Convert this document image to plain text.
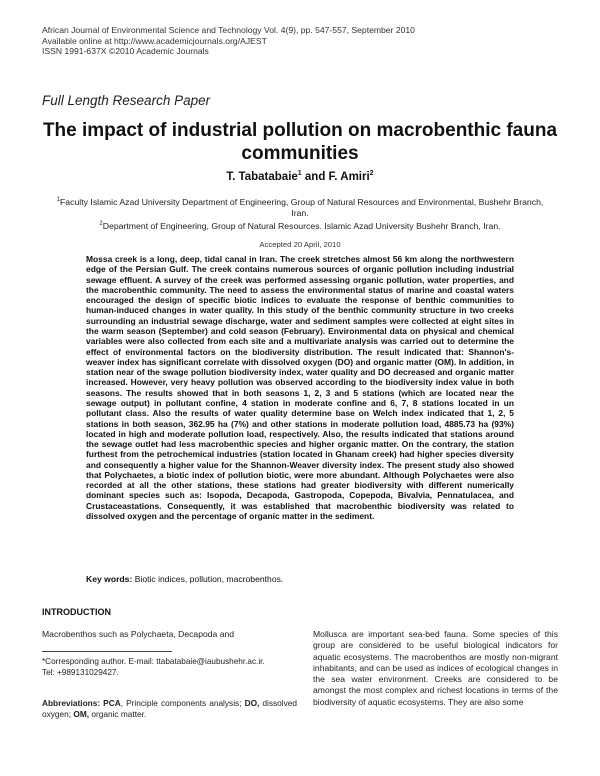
African Journal of Environmental Science and Technology Vol. 4(9), pp. 547-557, September 2010
Available online at http://www.academicjournals.org/AJEST
ISSN 1991-637X ©2010 Academic Journals
Full Length Research Paper
The impact of industrial pollution on macrobenthic fauna communities
T. Tabatabaie$^1$ and F. Amiri$^2$
$^1$Faculty Islamic Azad University Department of Engineering, Group of Natural Resources and Environmental, Bushehr Branch, Iran.
$^2$Department of Engineering, Group of Natural Resources. Islamic Azad University Bushehr Branch, Iran.
Accepted 20 April, 2010

Mossa creek is a long, deep, tidal canal in Iran. The creek stretches almost 56 km along the northwestern edge of the Persian Gulf. The creek contains numerous sources of organic pollution including industrial sewage effluent. A survey of the creek was performed assessing organic pollution, water properties, and the macrobenthic community. The need to assess the environmental status of marine and coastal waters encouraged the design of specific biotic indices to evaluate the response of benthic communities to human-induced changes in water quality. In this study of the benthic community structure in two creeks surrounding an industrial sewage discharge, water and sediment samples were collected at eight sites in the warm season (September) and cold season (February). Environmental data on physical and chemical variables were also collected from each site and a multivariate analysis was carried out to determine the effect of environmental factors on the biodiversity distribution. The result indicated that: Shannon's-weaver index has significant correlate with dissolved oxygen (DO) and organic matter (OM). In addition, in station near of the swage pollution biodiversity index, water quality and DO decreased and organic matter increased. However, very heavy pollution was observed according to the biodiversity index value in both seasons. The results showed that in both seasons 1, 2, 3 and 5 stations (which are located near the sewage output) in pollutant confine, 4 station in moderate confine and 6, 7, 8 stations located in un pollutant class. Also the results of water quality determine base on Welch index indicated that 1, 2, 5 stations in both season, 362.95 ha (7%) and other stations in moderate pollution load, 4885.73 ha (93%) located in high and moderate pollution load, respectively. Also, the results indicated that stations around the sewage outlet had less macrobenthic species and higher organic matter. On the contrary, the station furthest from the petrochemical industries (station located in Ghanam creek) had higher species diversity and consequently a higher value for the Shannon-Weaver diversity index. The present study also showed that Polychaetes, a biotic index of pollution biotic, were more abundant. Although Polychaetes were also recorded at all the other stations, these stations had greater biodiversity with different numerically dominant species such as: Isopoda, Decapoda, Gastropoda, Copepoda, Bivalvia, Pennatulacea, and Crustaceastations. Consequently, it was established that macrobenthic biodiversity was related to dissolved oxygen and the percentage of organic matter in the sediment.

Key words: Biotic indices, pollution, macrobenthos.
INTRODUCTION
Macrobenthos such as Polychaeta, Decapoda and
*Corresponding author. E-mail: ttabatabaie@iaubushehr.ac.ir.
Tel: +989131029427.
Abbreviations: PCA, Principle components analysis; DO, dissolved oxygen; OM, organic matter.

Mollusca are important sea-bed fauna. Some species of this group are considered to be useful biological indicators for aquatic ecosystems. The macrobenthos are mostly non-migrant inhabitants, and can be used as indices of ecological changes in the sea water environment. Creeks are considered to be amongst the most complex and richest locations in terms of the biodiversity of aquatic ecosystems. They are also some
